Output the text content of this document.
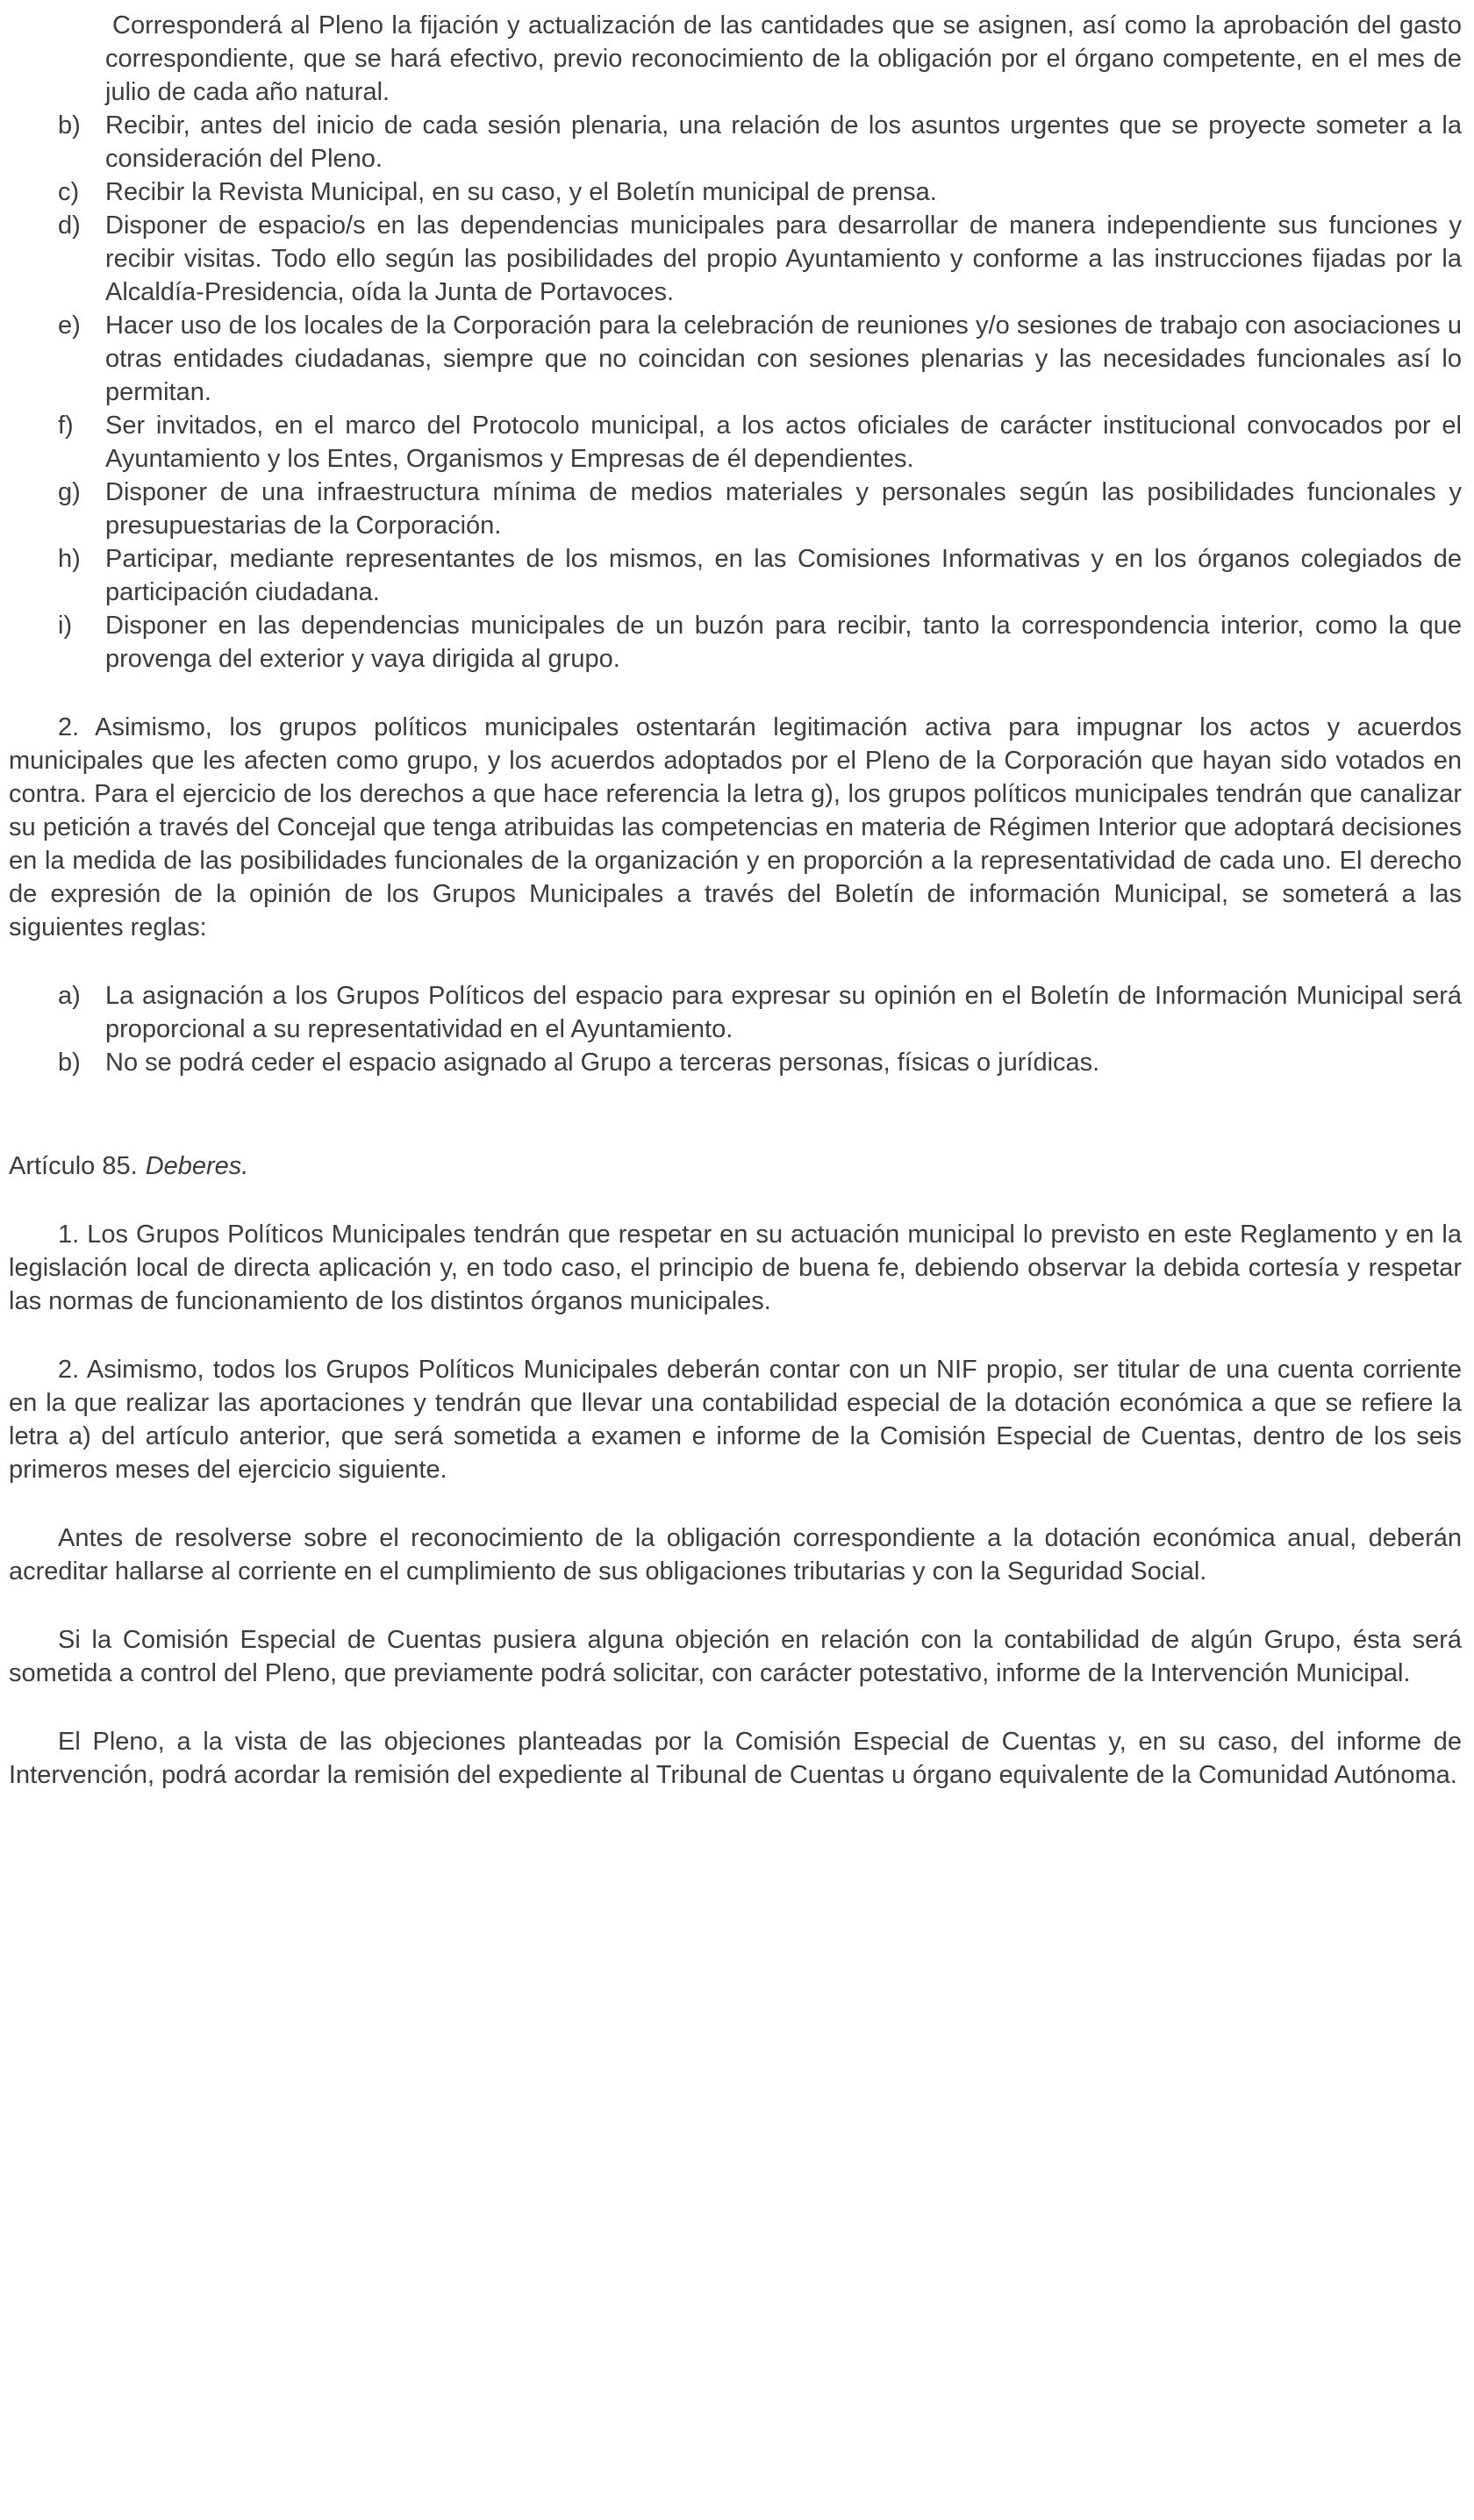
Corresponderá al Pleno la fijación y actualización de las cantidades que se asignen, así como la aprobación del gasto correspondiente, que se hará efectivo, previo reconocimiento de la obligación por el órgano competente, en el mes de julio de cada año natural.

b) Recibir, antes del inicio de cada sesión plenaria, una relación de los asuntos urgentes que se proyecte someter a la consideración del Pleno.
c)	Recibir la Revista Municipal, en su caso, y el Boletín municipal de prensa.
d) Disponer de espacio/s en las dependencias municipales para desarrollar de manera independiente sus funciones y recibir visitas. Todo ello según las posibilidades del propio Ayuntamiento y conforme a las instrucciones fijadas por la Alcaldía-Presidencia, oída la Junta de Portavoces.
e) Hacer uso de los locales de la Corporación para la celebración de reuniones y/o sesiones de trabajo con asociaciones u otras entidades ciudadanas, siempre que no coincidan con sesiones plenarias y las necesidades funcionales así lo permitan.
f)	Ser invitados, en el marco del Protocolo municipal, a los actos oficiales de carácter institucional convocados por el Ayuntamiento y los Entes, Organismos y Empresas de él dependientes.
g) Disponer de una infraestructura mínima de medios materiales y personales según las posibilidades funcionales y presupuestarias de la Corporación.
h) Participar, mediante representantes de los mismos, en las Comisiones Informativas y en los órganos colegiados de participación ciudadana.
i)	Disponer en las dependencias municipales de un buzón para recibir, tanto la correspondencia interior, como la que provenga del exterior y vaya dirigida al grupo.

2. Asimismo, los grupos políticos municipales ostentarán legitimación activa para impugnar los actos y acuerdos municipales que les afecten como grupo, y los acuerdos adoptados por el Pleno de la Corporación que hayan sido votados en contra. Para el ejercicio de los derechos a que hace referencia la letra g), los grupos políticos municipales tendrán que canalizar su petición a través del Concejal que tenga atribuidas las competencias en materia de Régimen Interior que adoptará decisiones en la medida de las posibilidades funcionales de la organización y en proporción a la representatividad de cada uno. El derecho de expresión de la opinión de los Grupos Municipales a través del Boletín de información Municipal, se someterá a las siguientes reglas:

a) La asignación a los Grupos Políticos del espacio para expresar su opinión en el Boletín de Información Municipal será proporcional a su representatividad en el Ayuntamiento.
b) No se podrá ceder el espacio asignado al Grupo a terceras personas, físicas o jurídicas.

Artículo 85. Deberes.

1. Los Grupos Políticos Municipales tendrán que respetar en su actuación municipal lo previsto en este Reglamento y en la legislación local de directa aplicación y, en todo caso, el principio de buena fe, debiendo observar la debida cortesía y respetar las normas de funcionamiento de los distintos órganos municipales.

2. Asimismo, todos los Grupos Políticos Municipales deberán contar con un NIF propio, ser titular de una cuenta corriente en la que realizar las aportaciones y tendrán que llevar una contabilidad especial de la dotación económica a que se refiere la letra a) del artículo anterior, que será sometida a examen e informe de la Comisión Especial de Cuentas, dentro de los seis primeros meses del ejercicio siguiente.

Antes de resolverse sobre el reconocimiento de la obligación correspondiente a la dotación económica anual, deberán acreditar hallarse al corriente en el cumplimiento de sus obligaciones tributarias y con la Seguridad Social.

Si la Comisión Especial de Cuentas pusiera alguna objeción en relación con la contabilidad de algún Grupo, ésta será sometida a control del Pleno, que previamente podrá solicitar, con carácter potestativo, informe de la Intervención Municipal.

El Pleno, a la vista de las objeciones planteadas por la Comisión Especial de Cuentas y, en su caso, del informe de Intervención, podrá acordar la remisión del expediente al Tribunal de Cuentas u órgano equivalente de la Comunidad Autónoma.
